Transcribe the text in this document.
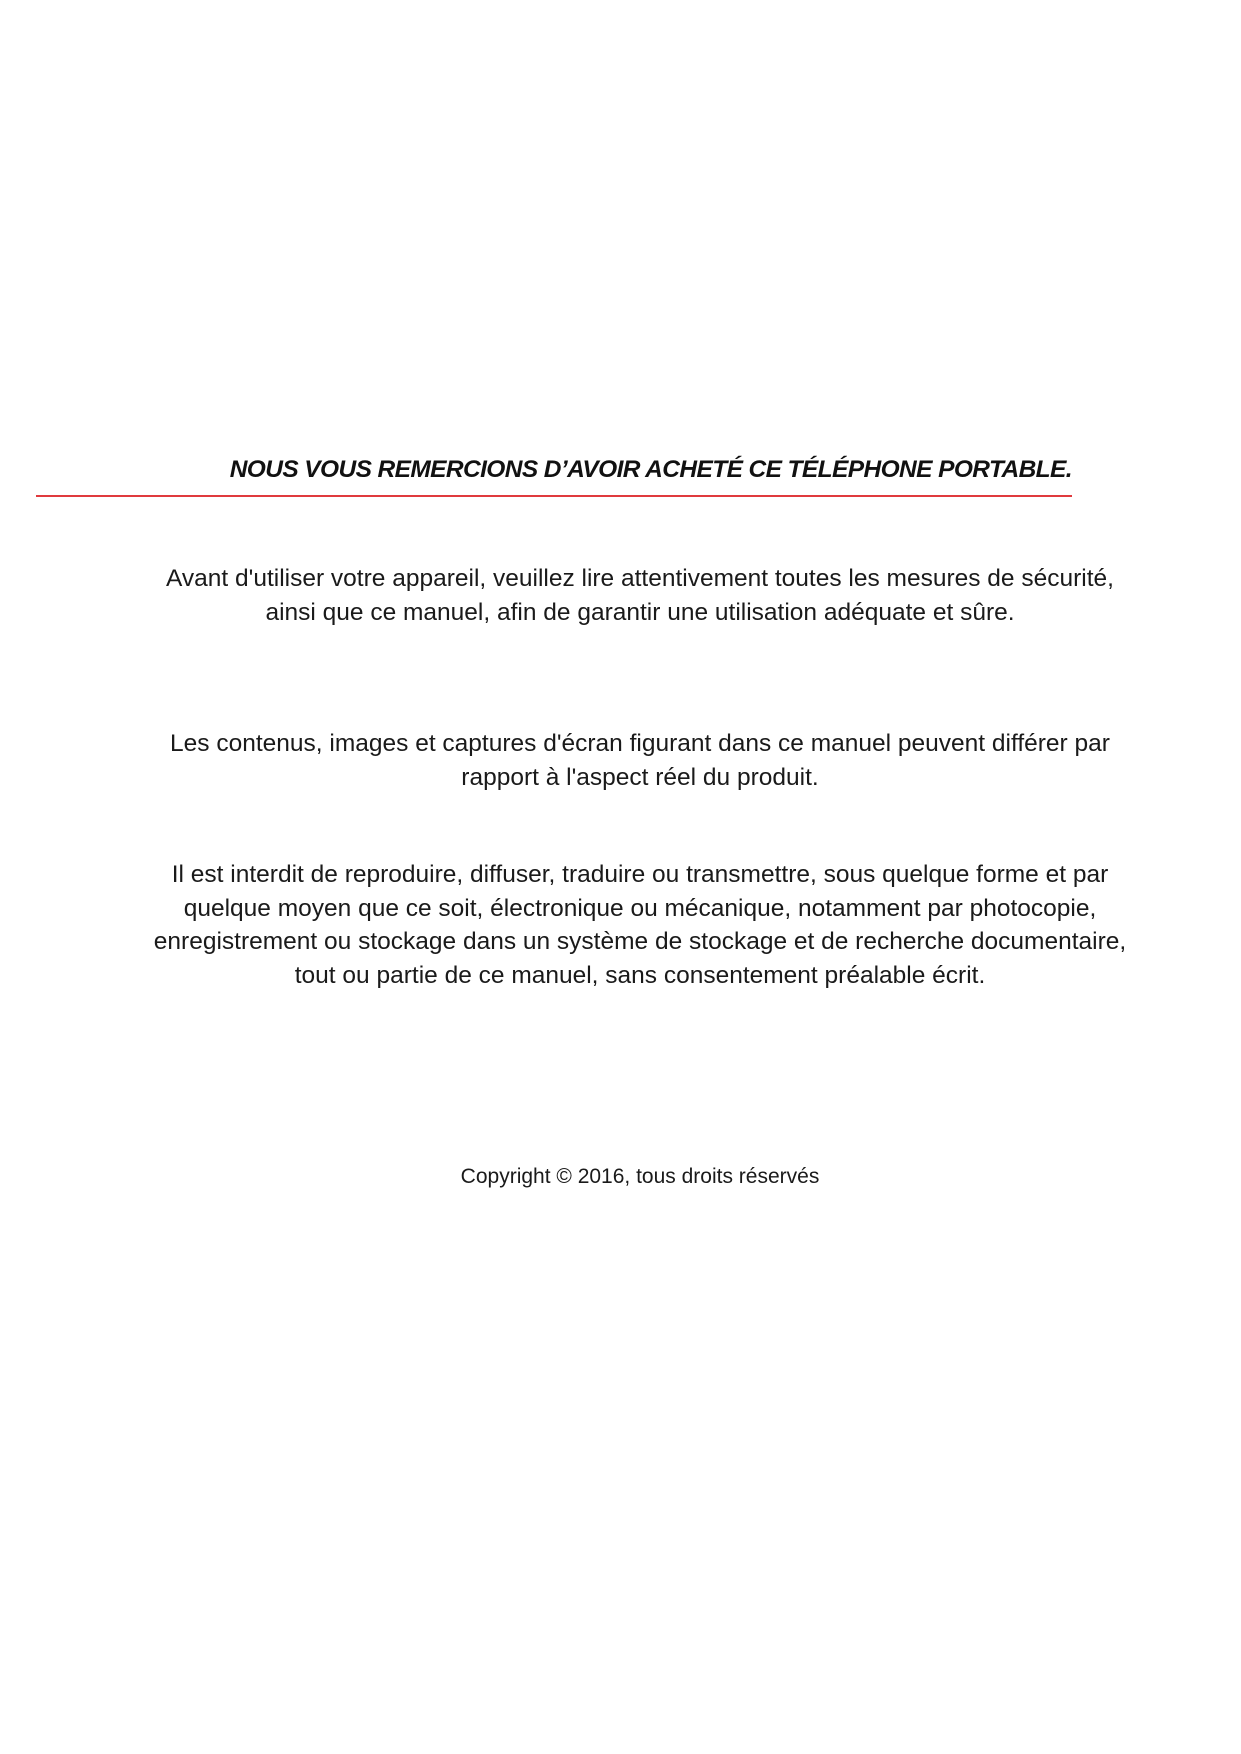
NOUS VOUS REMERCIONS D’AVOIR ACHETÉ CE TÉLÉPHONE PORTABLE.

Avant d'utiliser votre appareil, veuillez lire attentivement toutes les mesures de sécurité, ainsi que ce manuel, afin de garantir une utilisation adéquate et sûre.

Les contenus, images et captures d'écran figurant dans ce manuel peuvent différer par rapport à l'aspect réel du produit.

Il est interdit de reproduire, diffuser, traduire ou transmettre, sous quelque forme et par quelque moyen que ce soit, électronique ou mécanique, notamment par photocopie, enregistrement ou stockage dans un système de stockage et de recherche documentaire, tout ou partie de ce manuel, sans consentement préalable écrit.

Copyright © 2016, tous droits réservés
